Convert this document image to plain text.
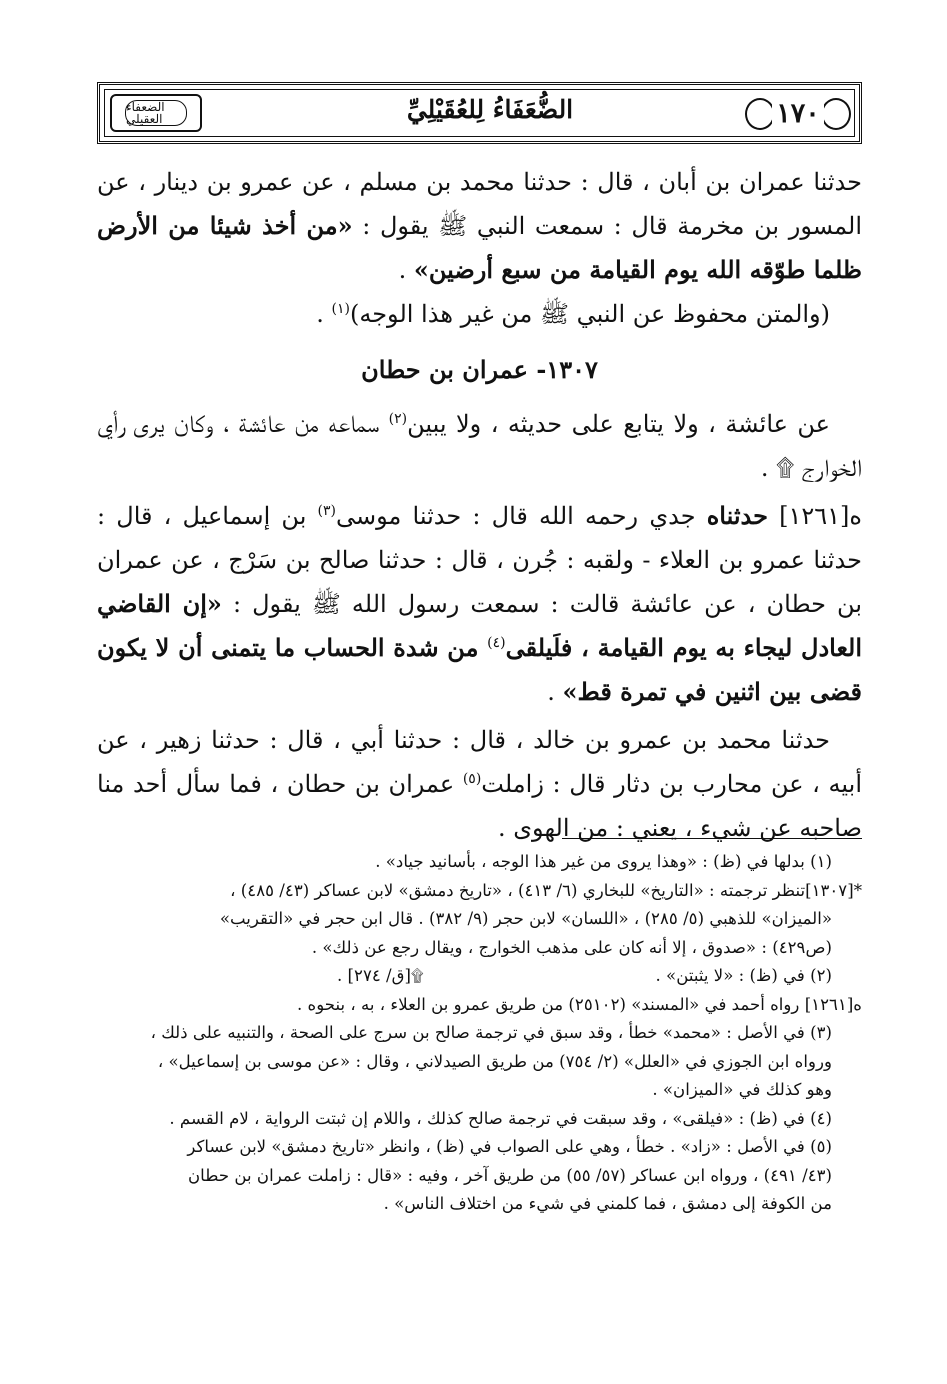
الضعفاء العقيلي	الضُّعَفَاءُ لِلعُقَيْلِيِّ	١٧٠

حدثنا عمران بن أبان ، قال : حدثنا محمد بن مسلم ، عن عمرو بن دينار ، عن المسور بن مخرمة قال : سمعت النبي ﷺ يقول : «من أخذ شيئا من الأرض ظلما طوّقه الله يوم القيامة من سبع أرضين» .

(والمتن محفوظ عن النبي ﷺ من غير هذا الوجه)$^{(١)}$ .

١٣٠٧- عمران بن حطان

عن عائشة ، ولا يتابع على حديثه ، ولا يبين$^{(٢)}$ سماعه من عائشة ، وكان يرى رأي الخوارج ۩ .

ه[١٢٦١] حدثناه جدي رحمه الله قال : حدثنا موسى$^{(٣)}$ بن إسماعيل ، قال : حدثنا عمرو بن العلاء - ولقبه : جُرن ، قال : حدثنا صالح بن سَرْج ، عن عمران بن حطان ، عن عائشة قالت : سمعت رسول الله ﷺ يقول : «إن القاضي العادل ليجاء به يوم القيامة ، فلَيلقى$^{(٤)}$ من شدة الحساب ما يتمنى أن لا يكون قضى بين اثنين في تمرة قط» .

حدثنا محمد بن عمرو بن خالد ، قال : حدثنا أبي ، قال : حدثنا زهير ، عن أبيه ، عن محارب بن دثار قال : زاملت$^{(٥)}$ عمران بن حطان ، فما سأل أحد منا صاحبه عن شيء ، يعني : من الهوى .

(١) بدلها في (ظ) : «وهذا يروى من غير هذا الوجه ، بأسانيد جياد» .

*[١٣٠٧]تنظر ترجمته : «التاريخ» للبخاري (٦/ ٤١٣) ، «تاريخ دمشق» لابن عساكر (٤٣/ ٤٨٥) ،

«الميزان» للذهبي (٥/ ٢٨٥) ، «اللسان» لابن حجر (٩/ ٣٨٢) . قال ابن حجر في «التقريب»

(ص٤٢٩) : «صدوق ، إلا أنه كان على مذهب الخوارج ، ويقال رجع عن ذلك» .

(٢) في (ظ) : «لا يثبتن» .
۩[ق/ ٢٧٤] .

ه[١٢٦١] رواه أحمد في «المسند» (٢٥١٠٢) من طريق عمرو بن العلاء ، به ، بنحوه .

(٣) في الأصل : «محمد» خطأ ، وقد سبق في ترجمة صالح بن سرج على الصحة ، والتنبيه على ذلك ،

ورواه ابن الجوزي في «العلل» (٢/ ٧٥٤) من طريق الصيدلاني ، وقال : «عن موسى بن إسماعيل» ،

وهو كذلك في «الميزان» .

(٤) في (ظ) : «فيلقى» ، وقد سبقت في ترجمة صالح كذلك ، واللام إن ثبتت الرواية ، لام القسم .

(٥) في الأصل : «زاد» . خطأ ، وهي على الصواب في (ظ) ، وانظر «تاريخ دمشق» لابن عساكر

(٤٣/ ٤٩١) ، ورواه ابن عساكر (٥٧/ ٥٥) من طريق آخر ، وفيه : «قال : زاملت عمران بن حطان

من الكوفة إلى دمشق ، فما كلمني في شيء من اختلاف الناس» .
